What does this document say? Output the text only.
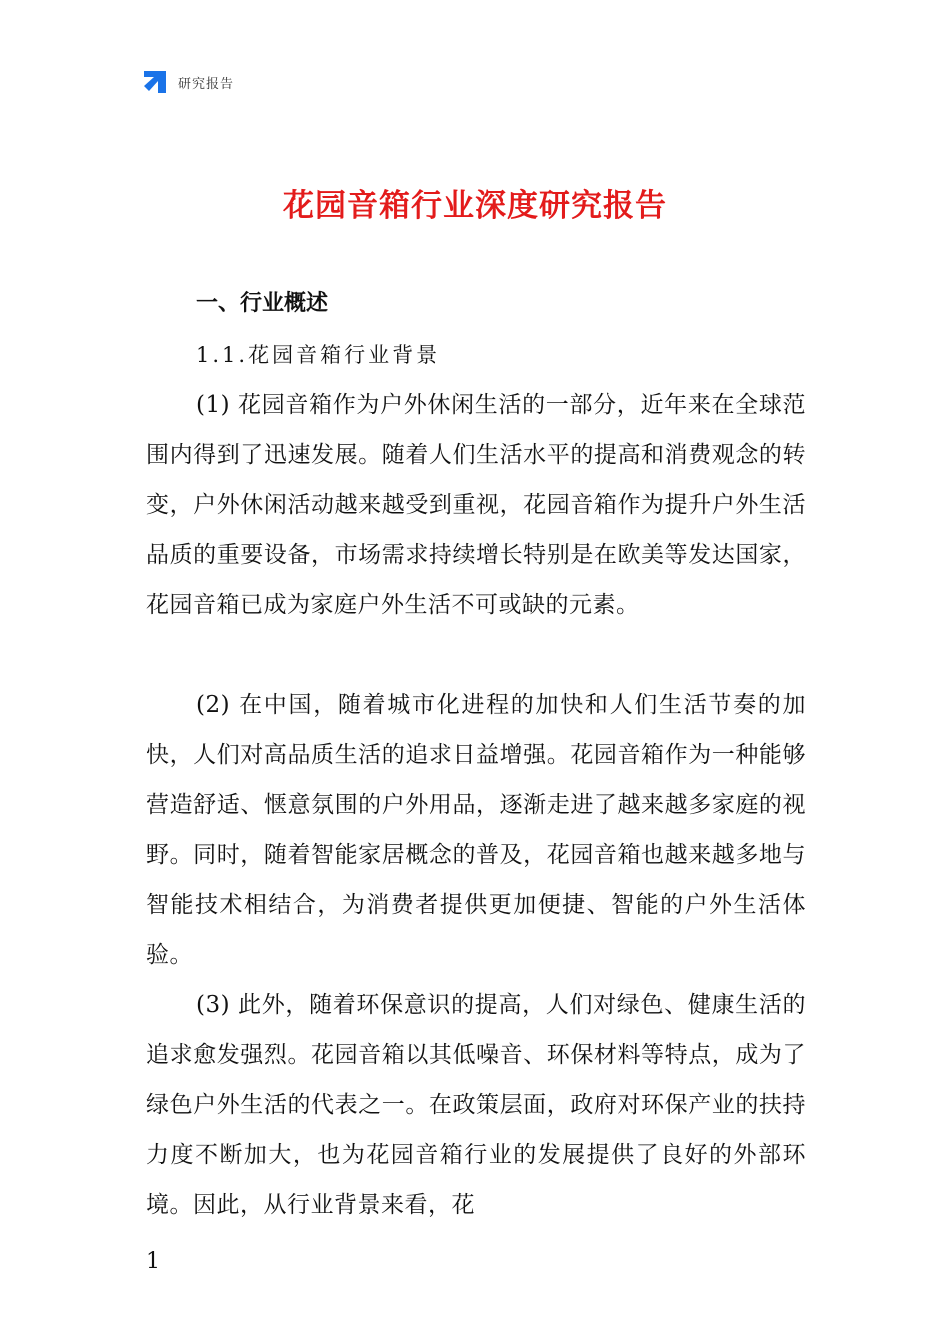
研究报告
花园音箱行业深度研究报告
一、行业概述
1.1.花园音箱行业背景

(1) 花园音箱作为户外休闲生活的一部分，近年来在全球范围内得到了迅速发展。随着人们生活水平的提高和消费观念的转变，户外休闲活动越来越受到重视，花园音箱作为提升户外生活品质的重要设备，市场需求持续增长特别是在欧美等发达国家，花园音箱已成为家庭户外生活不可或缺的元素。

(2) 在中国，随着城市化进程的加快和人们生活节奏的加快，人们对高品质生活的追求日益增强。花园音箱作为一种能够营造舒适、惬意氛围的户外用品，逐渐走进了越来越多家庭的视野。同时，随着智能家居概念的普及，花园音箱也越来越多地与智能技术相结合，为消费者提供更加便捷、智能的户外生活体验。

(3) 此外，随着环保意识的提高，人们对绿色、健康生活的追求愈发强烈。花园音箱以其低噪音、环保材料等特点，成为了绿色户外生活的代表之一。在政策层面，政府对环保产业的扶持力度不断加大，也为花园音箱行业的发展提供了良好的外部环境。因此，从行业背景来看，花

1
